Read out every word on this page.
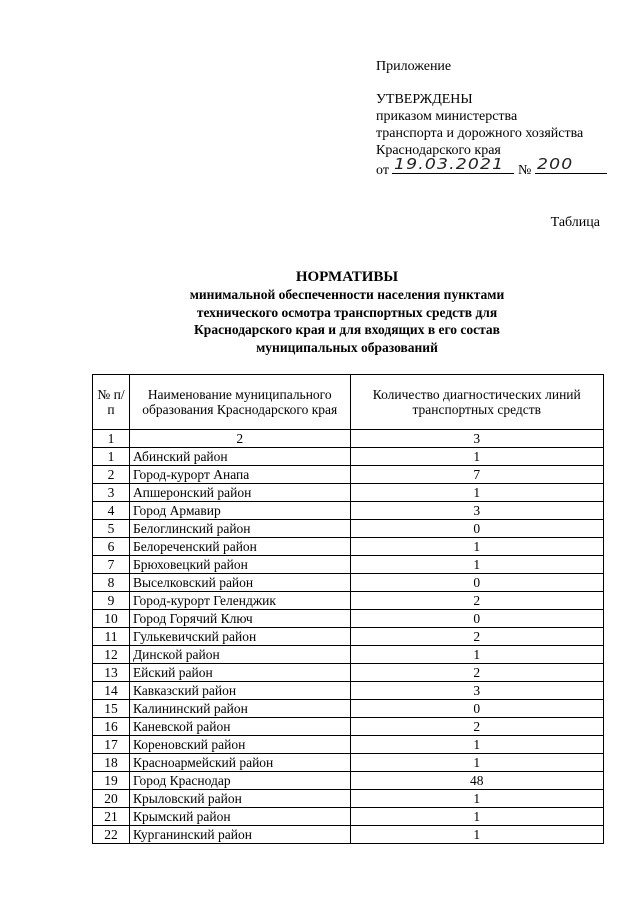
Приложение
УТВЕРЖДЕНЫ
приказом министерства
транспорта и дорожного хозяйства
Краснодарского края
от 19.03.2021 № 200
Таблица
НОРМАТИВЫ
минимальной обеспеченности населения пунктами
технического осмотра транспортных средств для
Краснодарского края и для входящих в его состав
муниципальных образований
№ п/п	Наименование муниципального образования Краснодарского края	Количество диагностических линий транспортных средств
1	2	3
1	Абинский район	1
2	Город-курорт Анапа	7
3	Апшеронский район	1
4	Город Армавир	3
5	Белоглинский район	0
6	Белореченский район	1
7	Брюховецкий район	1
8	Выселковский район	0
9	Город-курорт Геленджик	2
10	Город Горячий Ключ	0
11	Гулькевичский район	2
12	Динской район	1
13	Ейский район	2
14	Кавказский район	3
15	Калининский район	0
16	Каневской район	2
17	Кореновский район	1
18	Красноармейский район	1
19	Город Краснодар	48
20	Крыловский район	1
21	Крымский район	1
22	Курганинский район	1
